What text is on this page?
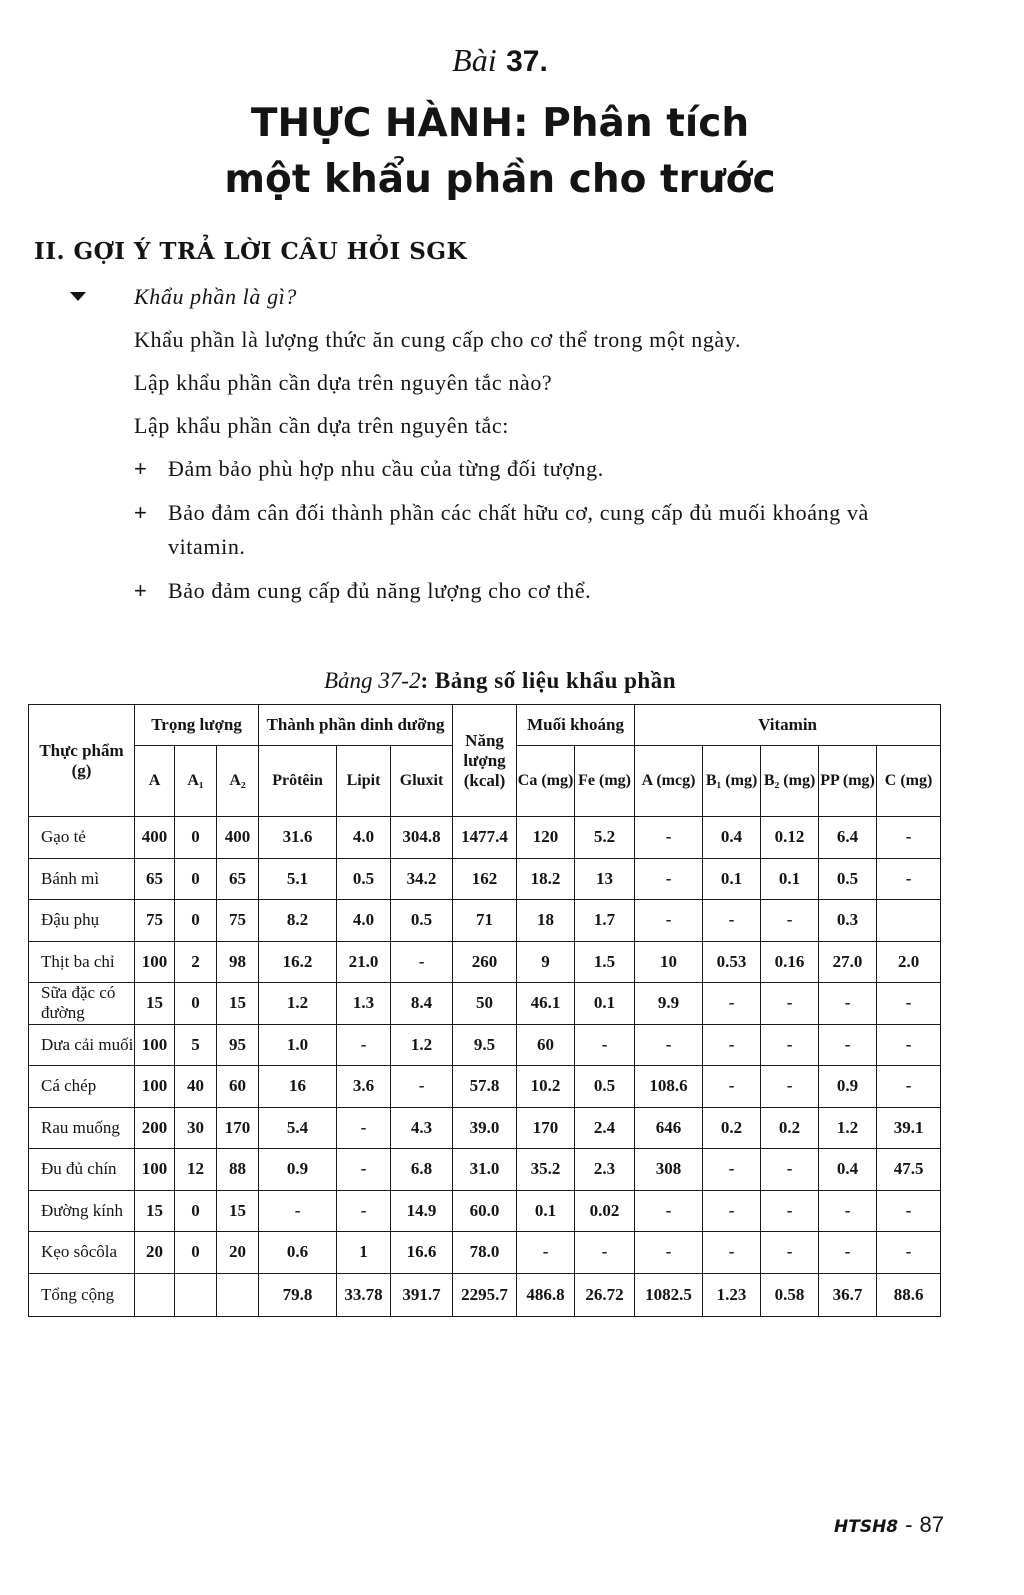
Bài 37.
THỰC HÀNH: Phân tích
một khẩu phần cho trước
II. GỢI Ý TRẢ LỜI CÂU HỎI SGK
Khẩu phần là gì?
Khẩu phần là lượng thức ăn cung cấp cho cơ thể trong một ngày.
Lập khẩu phần cần dựa trên nguyên tắc nào?
Lập khẩu phần cần dựa trên nguyên tắc:
+ Đảm bảo phù hợp nhu cầu của từng đối tượng.
+ Bảo đảm cân đối thành phần các chất hữu cơ, cung cấp đủ muối khoáng và vitamin.
+ Bảo đảm cung cấp đủ năng lượng cho cơ thể.
Bảng 37-2: Bảng số liệu khẩu phần
Thực phẩm (g)	Trọng lượng			Thành phần dinh dưỡng			Năng lượng (kcal)	Muối khoáng		Vitamin				
	A	A₁	A₂	Prôtêin	Lipit	Gluxit		Ca (mg)	Fe (mg)	A (mcg)	B₁ (mg)	B₂ (mg)	PP (mg)	C (mg)
Gạo tẻ	400	0	400	31.6	4.0	304.8	1477.4	120	5.2	-	0.4	0.12	6.4	-
Bánh mì	65	0	65	5.1	0.5	34.2	162	18.2	13	-	0.1	0.1	0.5	-
Đậu phụ	75	0	75	8.2	4.0	0.5	71	18	1.7	-	-	-	0.3	
Thịt ba chỉ	100	2	98	16.2	21.0	-	260	9	1.5	10	0.53	0.16	27.0	2.0
Sữa đặc có đường	15	0	15	1.2	1.3	8.4	50	46.1	0.1	9.9	-	-	-	-
Dưa cải muối	100	5	95	1.0	-	1.2	9.5	60	-	-	-	-	-	-
Cá chép	100	40	60	16	3.6	-	57.8	10.2	0.5	108.6	-	-	0.9	-
Rau muống	200	30	170	5.4	-	4.3	39.0	170	2.4	646	0.2	0.2	1.2	39.1
Đu đủ chín	100	12	88	0.9	-	6.8	31.0	35.2	2.3	308	-	-	0.4	47.5
Đường kính	15	0	15	-	-	14.9	60.0	0.1	0.02	-	-	-	-	-
Kẹo sôcôla	20	0	20	0.6	1	16.6	78.0	-	-	-	-	-	-	-
Tổng cộng				79.8	33.78	391.7	2295.7	486.8	26.72	1082.5	1.23	0.58	36.7	88.6
HTSH8 - 87
